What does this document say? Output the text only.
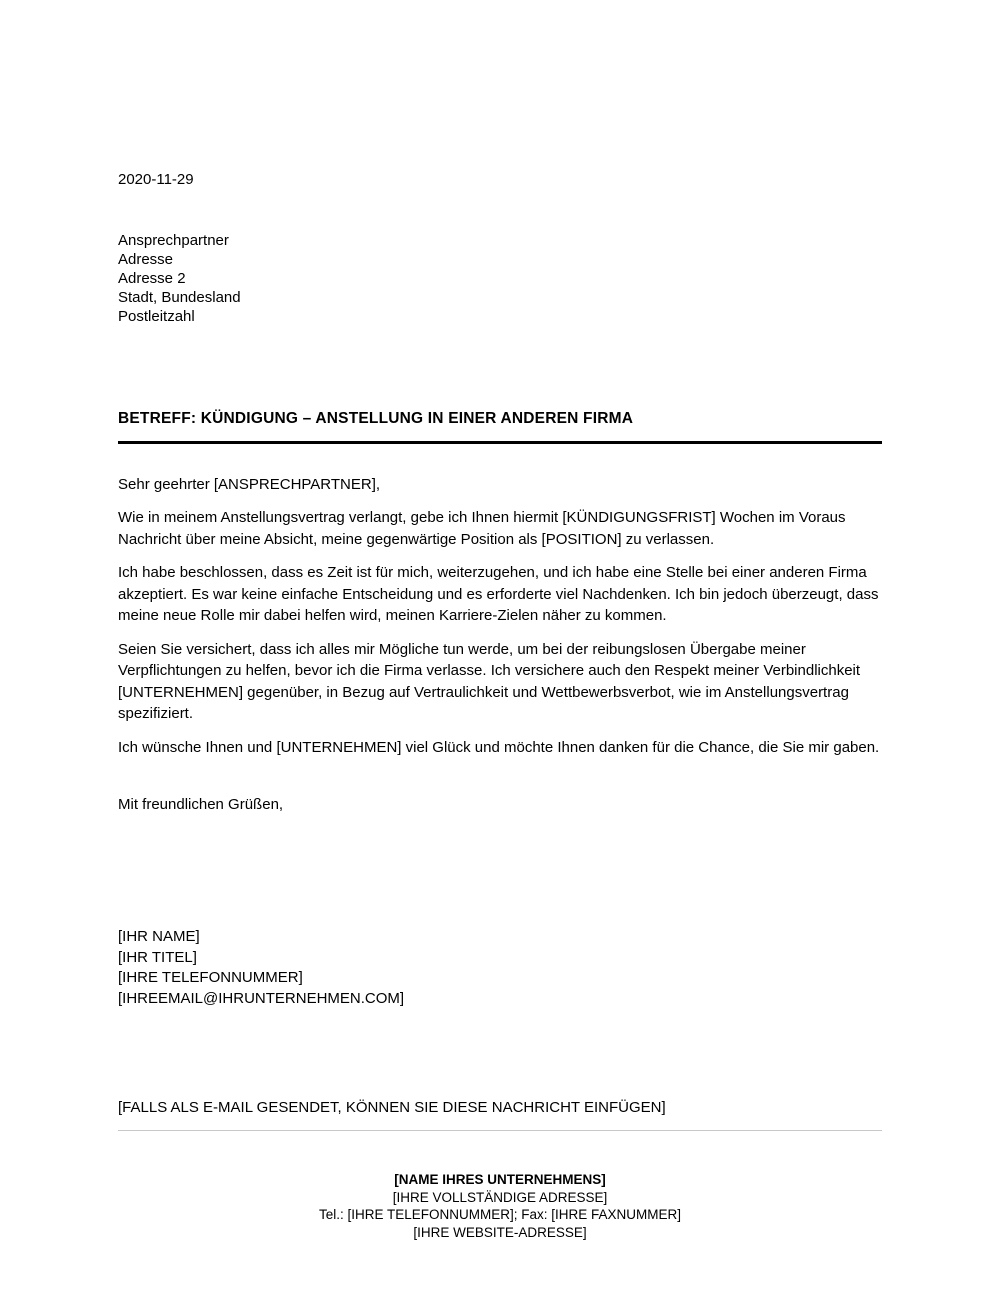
2020-11-29
Ansprechpartner
Adresse
Adresse 2
Stadt, Bundesland
Postleitzahl
BETREFF: KÜNDIGUNG – ANSTELLUNG IN EINER ANDEREN FIRMA

Sehr geehrter [ANSPRECHPARTNER],

Wie in meinem Anstellungsvertrag verlangt, gebe ich Ihnen hiermit [KÜNDIGUNGSFRIST] Wochen im Voraus Nachricht über meine Absicht, meine gegenwärtige Position als [POSITION] zu verlassen.

Ich habe beschlossen, dass es Zeit ist für mich, weiterzugehen, und ich habe eine Stelle bei einer anderen Firma akzeptiert. Es war keine einfache Entscheidung und es erforderte viel Nachdenken. Ich bin jedoch überzeugt, dass meine neue Rolle mir dabei helfen wird, meinen Karriere-Zielen näher zu kommen.

Seien Sie versichert, dass ich alles mir Mögliche tun werde, um bei der reibungslosen Übergabe meiner Verpflichtungen zu helfen, bevor ich die Firma verlasse. Ich versichere auch den Respekt meiner Verbindlichkeit [UNTERNEHMEN] gegenüber, in Bezug auf Vertraulichkeit und Wettbewerbsverbot, wie im Anstellungsvertrag spezifiziert.

Ich wünsche Ihnen und [UNTERNEHMEN] viel Glück und möchte Ihnen danken für die Chance, die Sie mir gaben.

Mit freundlichen Grüßen,

[IHR NAME]
[IHR TITEL]
[IHRE TELEFONNUMMER]
[IHREEMAIL@IHRUNTERNEHMEN.COM]

[FALLS ALS E-MAIL GESENDET, KÖNNEN SIE DIESE NACHRICHT EINFÜGEN]

[NAME IHRES UNTERNEHMENS]
[IHRE VOLLSTÄNDIGE ADRESSE]
Tel.: [IHRE TELEFONNUMMER]; Fax: [IHRE FAXNUMMER]
[IHRE WEBSITE-ADRESSE]
